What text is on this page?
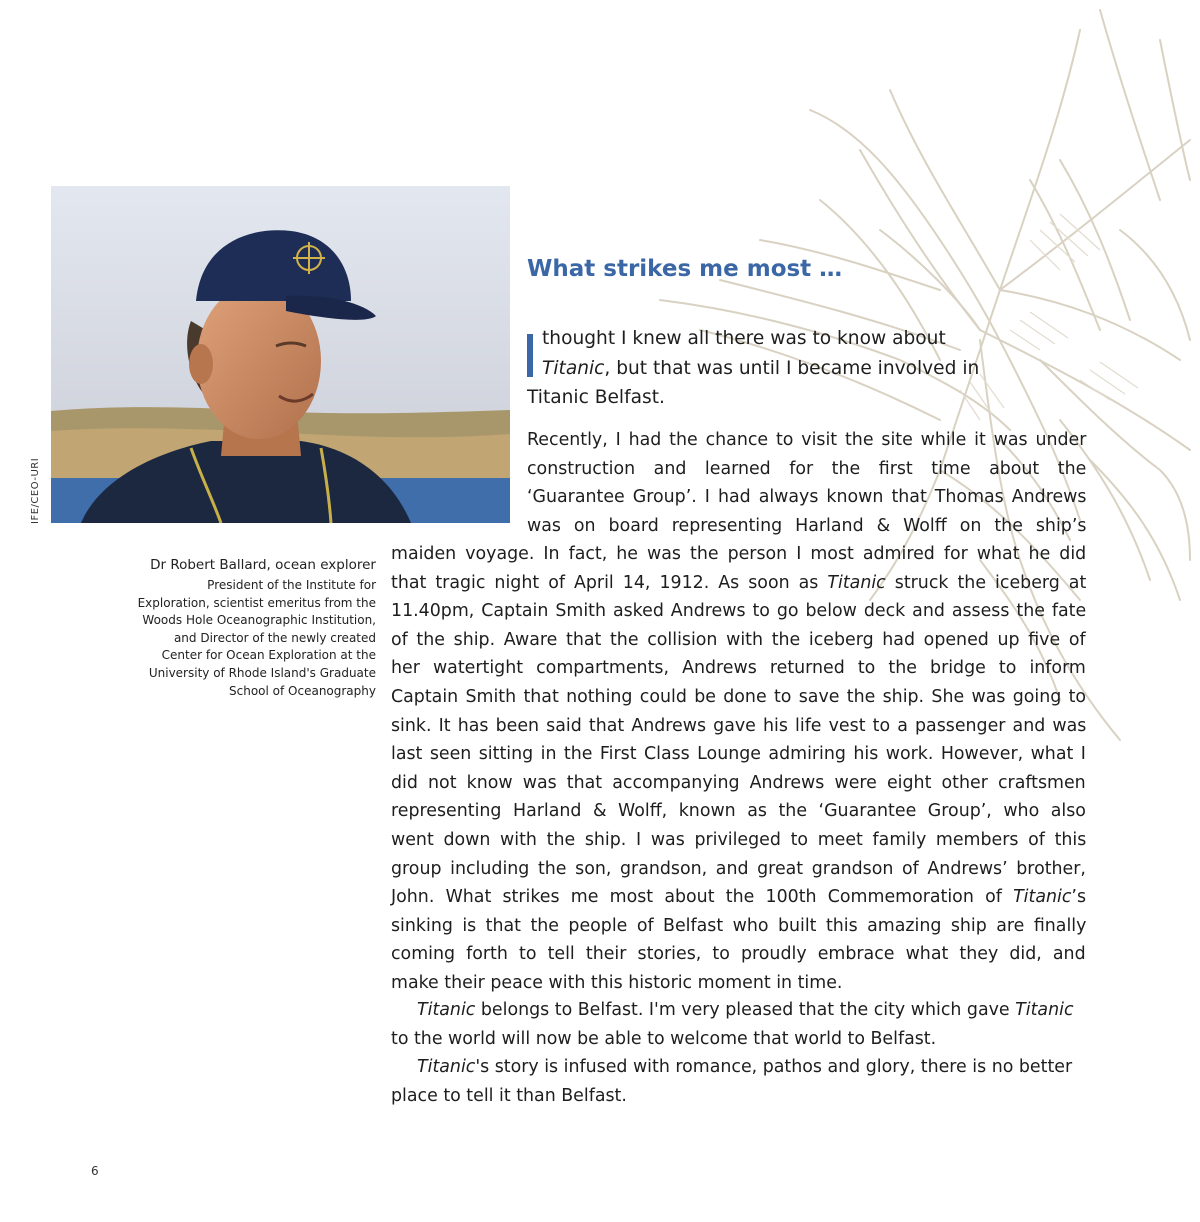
IFE/CEO-URI
Dr Robert Ballard, ocean explorer
President of the Institute for
Exploration, scientist emeritus from the
Woods Hole Oceanographic Institution,
and Director of the newly created
Center for Ocean Exploration at the
University of Rhode Island's Graduate
School of Oceanography
What strikes me most …
thought I knew all there was to know about
Titanic, but that was until I became involved in
Titanic Belfast.
Recently, I had the chance to visit the site while it was under
construction and learned for the first time about the
‘Guarantee Group’. I had always known that Thomas Andrews
was on board representing Harland & Wolff on the ship’s
maiden voyage. In fact, he was the person I most admired for what he did
that tragic night of April 14, 1912. As soon as Titanic struck the iceberg at
11.40pm, Captain Smith asked Andrews to go below deck and assess the fate
of the ship. Aware that the collision with the iceberg had opened up five of
her watertight compartments, Andrews returned to the bridge to inform
Captain Smith that nothing could be done to save the ship. She was going to
sink. It has been said that Andrews gave his life vest to a passenger and was
last seen sitting in the First Class Lounge admiring his work. However, what I
did not know was that accompanying Andrews were eight other craftsmen
representing Harland & Wolff, known as the ‘Guarantee Group’, who also
went down with the ship. I was privileged to meet family members of this
group including the son, grandson, and great grandson of Andrews’ brother,
John. What strikes me most about the 100th Commemoration of Titanic’s
sinking is that the people of Belfast who built this amazing ship are finally
coming forth to tell their stories, to proudly embrace what they did, and
make their peace with this historic moment in time.
Titanic belongs to Belfast. I'm very pleased that the city which gave Titanic
to the world will now be able to welcome that world to Belfast.
Titanic's story is infused with romance, pathos and glory, there is no better
place to tell it than Belfast.
6
